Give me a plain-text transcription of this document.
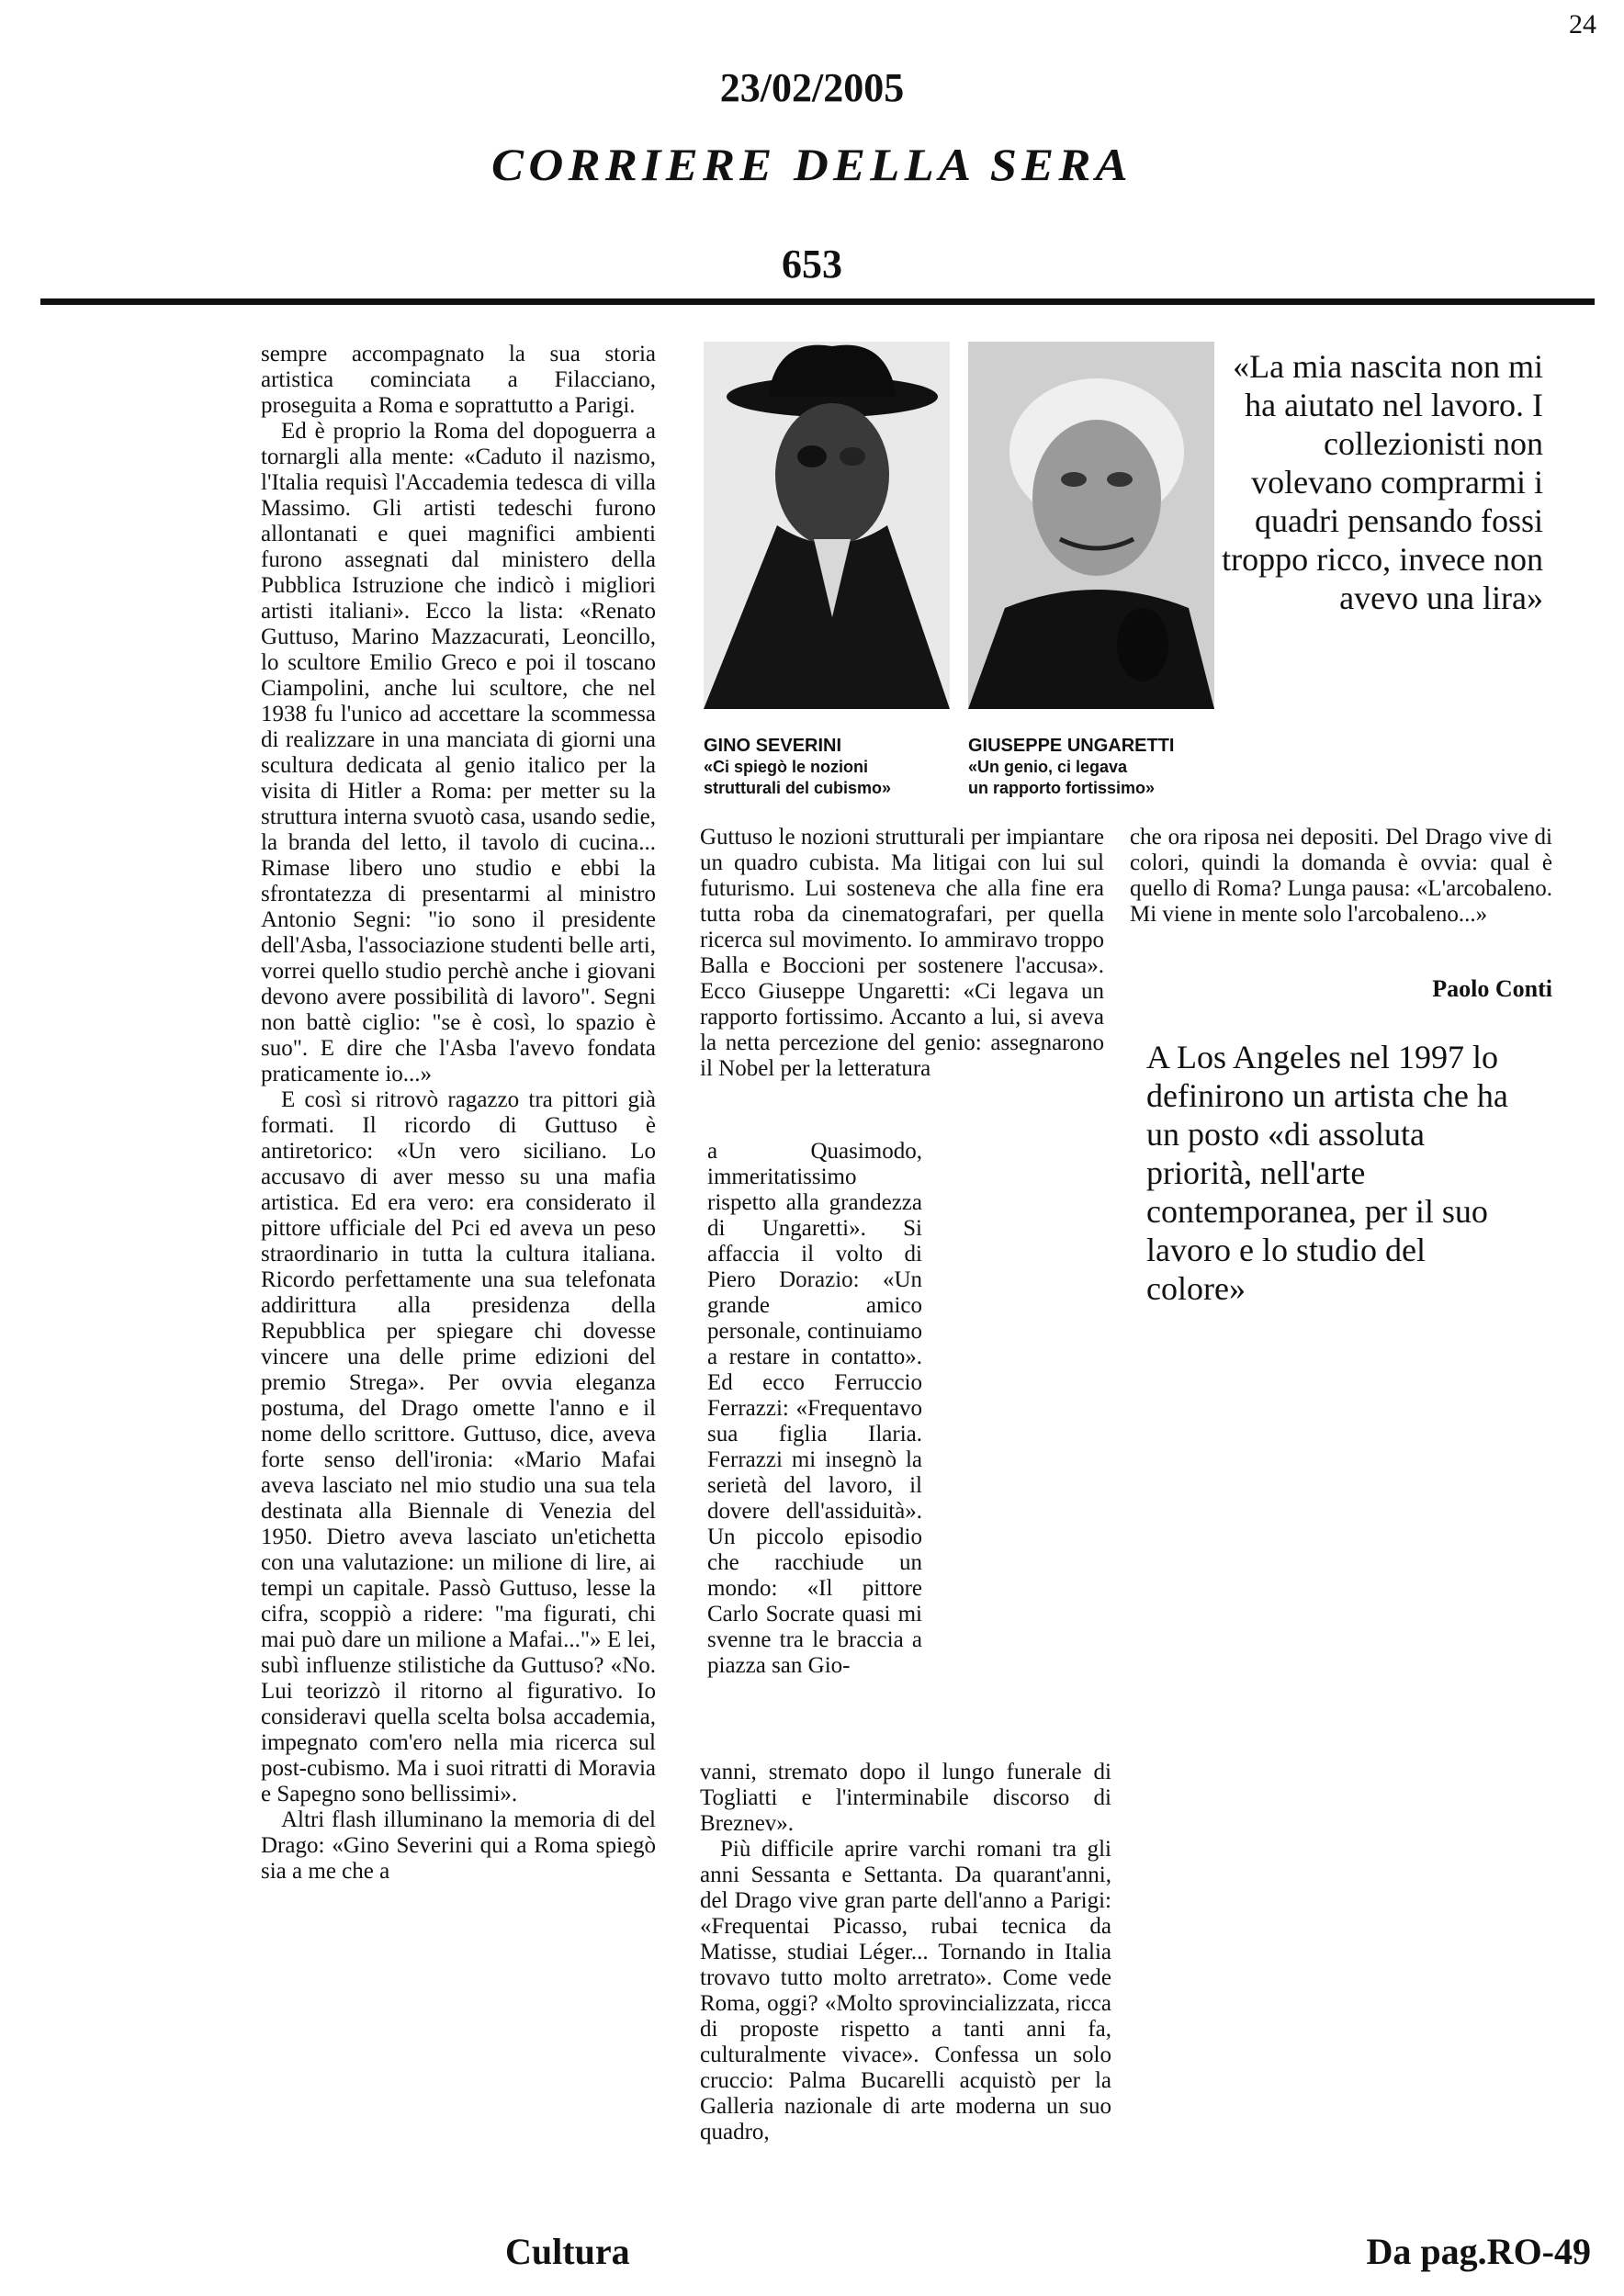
24
23/02/2005
CORRIERE DELLA SERA
653

sempre accompagnato la sua storia artistica cominciata a Filacciano, proseguita a Roma e soprattutto a Parigi.

Ed è proprio la Roma del dopoguerra a tornargli alla mente: «Caduto il nazismo, l'Italia requisì l'Accademia tedesca di villa Massimo. Gli artisti tedeschi furono allontanati e quei magnifici ambienti furono assegnati dal ministero della Pubblica Istruzione che indicò i migliori artisti italiani». Ecco la lista: «Renato Guttuso, Marino Mazzacurati, Leoncillo, lo scultore Emilio Greco e poi il toscano Ciampolini, anche lui scultore, che nel 1938 fu l'unico ad accettare la scommessa di realizzare in una manciata di giorni una scultura dedicata al genio italico per la visita di Hitler a Roma: per metter su la struttura interna svuotò casa, usando sedie, la branda del letto, il tavolo di cucina... Rimase libero uno studio e ebbi la sfrontatezza di presentarmi al ministro Antonio Segni: "io sono il presidente dell'Asba, l'associazione studenti belle arti, vorrei quello studio perchè anche i giovani devono avere possibilità di lavoro". Segni non battè ciglio: "se è così, lo spazio è suo". E dire che l'Asba l'avevo fondata praticamente io...»

E così si ritrovò ragazzo tra pittori già formati. Il ricordo di Guttuso è antiretorico: «Un vero siciliano. Lo accusavo di aver messo su una mafia artistica. Ed era vero: era considerato il pittore ufficiale del Pci ed aveva un peso straordinario in tutta la cultura italiana. Ricordo perfettamente una sua telefonata addirittura alla presidenza della Repubblica per spiegare chi dovesse vincere una delle prime edizioni del premio Strega». Per ovvia eleganza postuma, del Drago omette l'anno e il nome dello scrittore. Guttuso, dice, aveva forte senso dell'ironia: «Mario Mafai aveva lasciato nel mio studio una sua tela destinata alla Biennale di Venezia del 1950. Dietro aveva lasciato un'etichetta con una valutazione: un milione di lire, ai tempi un capitale. Passò Guttuso, lesse la cifra, scoppiò a ridere: "ma figurati, chi mai può dare un milione a Mafai..."» E lei, subì influenze stilistiche da Guttuso? «No. Lui teorizzò il ritorno al figurativo. Io consideravi quella scelta bolsa accademia, impegnato com'ero nella mia ricerca sul post-cubismo. Ma i suoi ritratti di Moravia e Sapegno sono bellissimi».

Altri flash illuminano la memoria di del Drago: «Gino Severini qui a Roma spiegò sia a me che a

GINO SEVERINI
«Ci spiegò le nozioni
strutturali del cubismo»
GIUSEPPE UNGARETTI
«Un genio, ci legava
un rapporto fortissimo»
«La mia nascita non mi ha aiutato nel lavoro. I collezionisti non volevano comprarmi i quadri pensando fossi troppo ricco, invece non avevo una lira»

Guttuso le nozioni strutturali per impiantare un quadro cubista. Ma litigai con lui sul futurismo. Lui sosteneva che alla fine era tutta roba da cinematografari, per quella ricerca sul movimento. Io ammiravo troppo Balla e Boccioni per sostenere l'accusa». Ecco Giuseppe Ungaretti: «Ci legava un rapporto fortissimo. Accanto a lui, si aveva la netta percezione del genio: assegnarono il Nobel per la letteratura

a Quasimodo, immeritatissimo rispetto alla grandezza di Ungaretti». Si affaccia il volto di Piero Dorazio: «Un grande amico personale, continuiamo a restare in contatto». Ed ecco Ferruccio Ferrazzi: «Frequentavo sua figlia Ilaria. Ferrazzi mi insegnò la serietà del lavoro, il dovere dell'assiduità». Un piccolo episodio che racchiude un mondo: «Il pittore Carlo Socrate quasi mi svenne tra le braccia a piazza san Gio-

vanni, stremato dopo il lungo funerale di Togliatti e l'interminabile discorso di Breznev».

Più difficile aprire varchi romani tra gli anni Sessanta e Settanta. Da quarant'anni, del Drago vive gran parte dell'anno a Parigi: «Frequentai Picasso, rubai tecnica da Matisse, studiai Léger... Tornando in Italia trovavo tutto molto arretrato». Come vede Roma, oggi? «Molto sprovincializzata, ricca di proposte rispetto a tanti anni fa, culturalmente vivace». Confessa un solo cruccio: Palma Bucarelli acquistò per la Galleria nazionale di arte moderna un suo quadro,

che ora riposa nei depositi. Del Drago vive di colori, quindi la domanda è ovvia: qual è quello di Roma? Lunga pausa: «L'arcobaleno. Mi viene in mente solo l'arcobaleno...»

Paolo Conti
A Los Angeles nel 1997 lo definirono un artista che ha un posto «di assoluta priorità, nell'arte contemporanea, per il suo lavoro e lo studio del colore»
Cultura	Da pag.RO-49
